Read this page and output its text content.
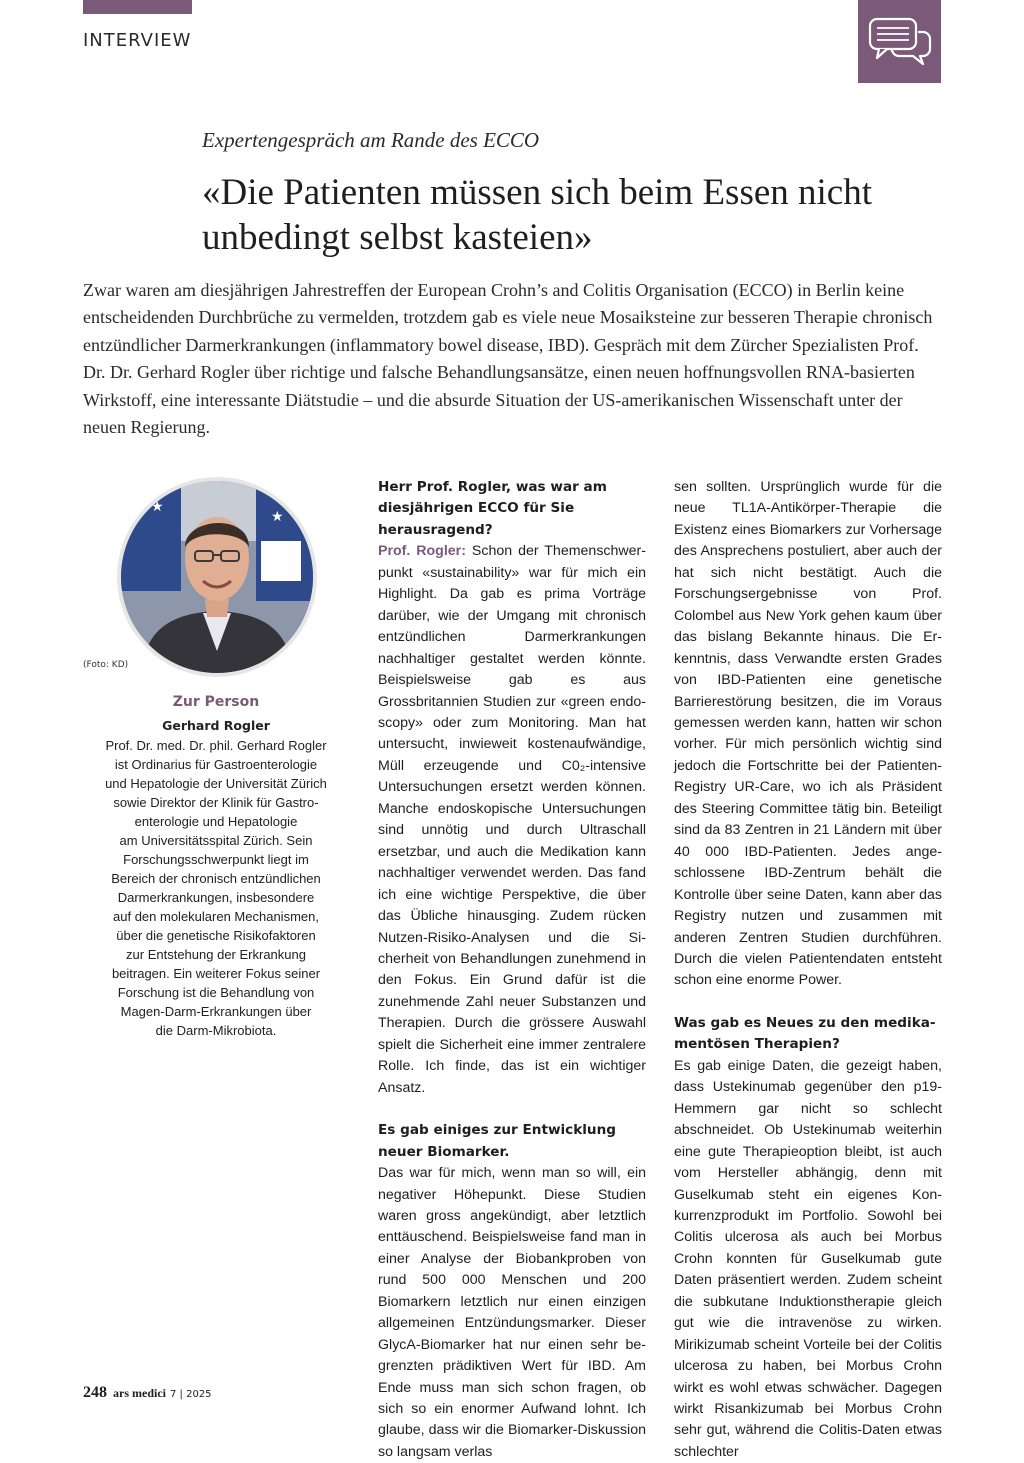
INTERVIEW
Expertengespräch am Rande des ECCO
«Die Patienten müssen sich beim Essen nicht unbedingt selbst kasteien»

Zwar waren am diesjährigen Jahrestreffen der European Crohn’s and Colitis Organisation (ECCO) in Berlin keine entscheidenden Durchbrüche zu vermelden, trotzdem gab es viele neue Mosaiksteine zur besseren Therapie chronisch entzündlicher Darmerkrankungen (inflammatory bowel disease, IBD). Gespräch mit dem Zürcher Spezialisten Prof. Dr. Dr. Gerhard Rogler über richtige und falsche Behandlungsansätze, einen neuen hoffnungsvollen RNA-basierten Wirkstoff, eine interessante Diätstudie – und die absurde Situation der US-amerikanischen Wissenschaft unter der neuen Regierung.

★ ★
★
(Foto: KD)
Zur Person
Gerhard Rogler
Prof. Dr. med. Dr. phil. Gerhard Rogler
ist Ordinarius für Gastroenterologie
und Hepatologie der Universität Zürich
sowie Direktor der Klinik für Gastro-
enterologie und Hepatologie
am Universitätsspital Zürich. Sein
Forschungsschwerpunkt liegt im
Bereich der chronisch entzündlichen
Darmerkrankungen, insbesondere
auf den molekularen Mechanismen,
über die genetische Risikofaktoren
zur Entstehung der Erkrankung
beitragen. Ein weiterer Fokus seiner
Forschung ist die Behandlung von
Magen-Darm-Erkrankungen über
die Darm-Mikrobiota.

Herr Prof. Rogler, was war am diesjährigen ECCO für Sie herausragend?

Prof. Rogler: Schon der Themenschwerpunkt «sustainability» war für mich ein Highlight. Da gab es prima Vorträge darüber, wie der Umgang mit chronisch entzündlichen Darmerkrankungen nachhaltiger gestaltet werden könnte. Beispielsweise gab es aus Grossbritannien Studien zur «green endoscopy» oder zum Monitoring. Man hat untersucht, inwieweit kostenaufwändige, Müll erzeugende und C0₂-intensive Untersuchungen ersetzt werden können. Manche endoskopische Untersuchungen sind unnötig und durch Ultraschall ersetzbar, und auch die Medikation kann nachhaltiger verwendet werden. Das fand ich eine wichtige Perspektive, die über das Übliche hinausging. Zudem rücken Nutzen-Risiko-Analysen und die Sicherheit von Behandlungen zunehmend in den Fokus. Ein Grund dafür ist die zunehmende Zahl neuer Substanzen und Therapien. Durch die grössere Auswahl spielt die Sicherheit eine immer zentralere Rolle. Ich finde, das ist ein wichtiger Ansatz.

Es gab einiges zur Entwicklung neuer Biomarker.

Das war für mich, wenn man so will, ein negativer Höhepunkt. Diese Studien waren gross angekündigt, aber letztlich enttäuschend. Beispielsweise fand man in einer Analyse der Biobankproben von rund 500 000 Menschen und 200 Biomarkern letztlich nur einen einzigen allgemeinen Entzündungsmarker. Dieser GlycA-Biomarker hat nur einen sehr begrenzten prädiktiven Wert für IBD. Am Ende muss man sich schon fragen, ob sich so ein enormer Aufwand lohnt. Ich glaube, dass wir die Biomarker-Diskussion so langsam verlas

sen sollten. Ursprünglich wurde für die neue TL1A-Antikörper-Therapie die Existenz eines Biomarkers zur Vorhersage des Ansprechens postuliert, aber auch der hat sich nicht bestätigt. Auch die Forschungsergebnisse von Prof. Colombel aus New York gehen kaum über das bislang Bekannte hinaus. Die Erkenntnis, dass Verwandte ersten Grades von IBD-Patienten eine genetische Barrierestörung besitzen, die im Voraus gemessen werden kann, hatten wir schon vorher. Für mich persönlich wichtig sind jedoch die Fortschritte bei der Patienten-Registry UR-Care, wo ich als Präsident des Steering Committee tätig bin. Beteiligt sind da 83 Zentren in 21 Ländern mit über 40 000 IBD-Patienten. Jedes angeschlossene IBD-Zentrum behält die Kontrolle über seine Daten, kann aber das Registry nutzen und zusammen mit anderen Zentren Studien durchführen. Durch die vielen Patientendaten entsteht schon eine enorme Power.

Was gab es Neues zu den medikamentösen Therapien?

Es gab einige Daten, die gezeigt haben, dass Ustekinumab gegenüber den p19-Hemmern gar nicht so schlecht abschneidet. Ob Ustekinumab weiterhin eine gute Therapieoption bleibt, ist auch vom Hersteller abhängig, denn mit Guselkumab steht ein eigenes Konkurrenzprodukt im Portfolio. Sowohl bei Colitis ulcerosa als auch bei Morbus Crohn konnten für Guselkumab gute Daten präsentiert werden. Zudem scheint die subkutane Induktionstherapie gleich gut wie die intravenöse zu wirken. Mirikizumab scheint Vorteile bei der Colitis ulcerosa zu haben, bei Morbus Crohn wirkt es wohl etwas schwächer. Dagegen wirkt Risankizumab bei Morbus Crohn sehr gut, während die Colitis-Daten etwas schlechter

248 ars medici 7 | 2025
